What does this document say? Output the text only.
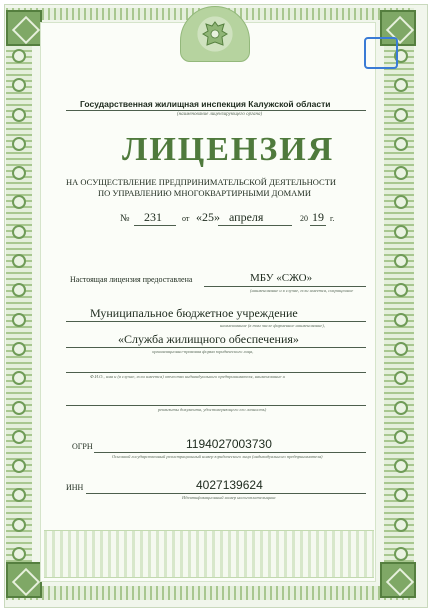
Государственная жилищная инспекция Калужской области
(наименование лицензирующего органа)
ЛИЦЕНЗИЯ
НА ОСУЩЕСТВЛЕНИЕ ПРЕДПРИНИМАТЕЛЬСКОЙ ДЕЯТЕЛЬНОСТИ
ПО УПРАВЛЕНИЮ МНОГОКВАРТИРНЫМИ ДОМАМИ
№ 231	от «25» апреля	20 19 г.
Настоящая лицензия предоставлена	МБУ «СЖО»
(наименование и в случае, если имеется, сокращенное
Муниципальное бюджетное учреждение
наименование (в том числе фирменное наименование),
«Служба жилищного обеспечения»
организационно-правовая форма юридического лица,
Ф.И.О., имя и (в случае, если имеется) отчество индивидуального предпринимателя, наименование и
реквизиты документа, удостоверяющего его личность)
ОГРН	1194027003730
Основной государственный регистрационный номер юридического лица (индивидуального предпринимателя)
ИНН	4027139624
Идентификационный номер налогоплательщика
